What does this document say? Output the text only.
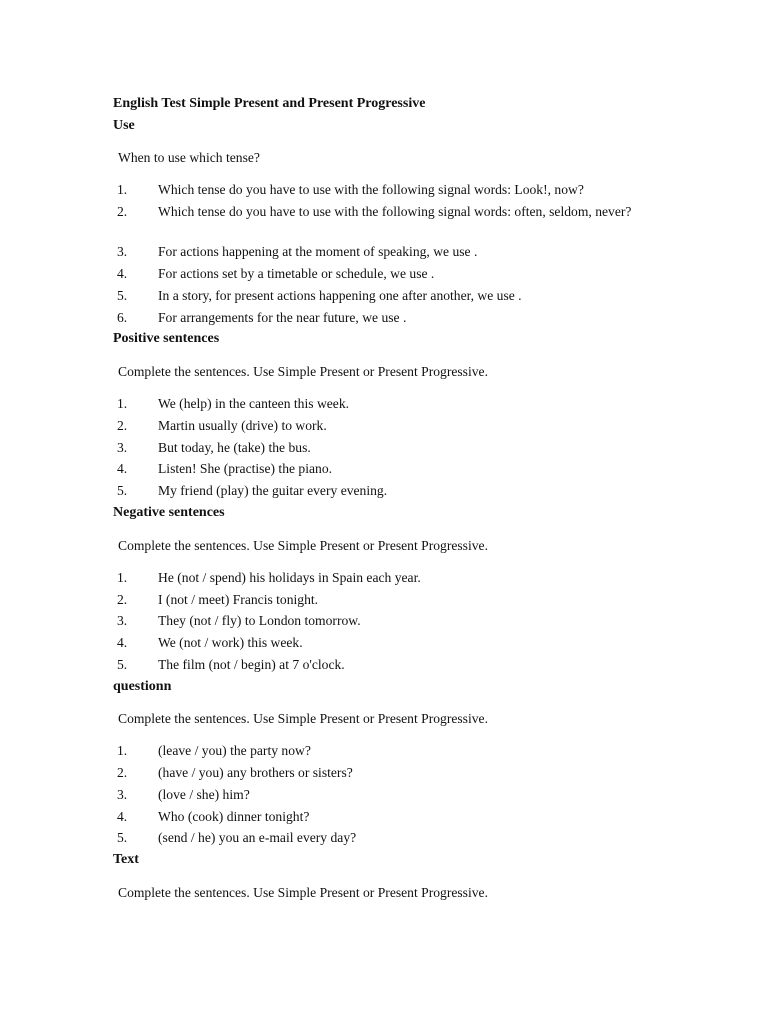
English Test Simple Present and Present Progressive
Use
When to use which tense?
1.	Which tense do you have to use with the following signal words: Look!, now?
2.	Which tense do you have to use with the following signal words: often, seldom, never?
3.	For actions happening at the moment of speaking, we use .
4.	For actions set by a timetable or schedule, we use .
5.	In a story, for present actions happening one after another, we use .
6.	For arrangements for the near future, we use .
Positive sentences
Complete the sentences. Use Simple Present or Present Progressive.
1.	We (help) in the canteen this week.
2.	Martin usually (drive) to work.
3.	But today, he (take) the bus.
4.	Listen! She (practise) the piano.
5.	My friend (play) the guitar every evening.
Negative sentences
Complete the sentences. Use Simple Present or Present Progressive.
1.	He (not / spend) his holidays in Spain each year.
2.	I (not / meet) Francis tonight.
3.	They (not / fly) to London tomorrow.
4.	We (not / work) this week.
5.	The film (not / begin) at 7 o'clock.
questionn
Complete the sentences. Use Simple Present or Present Progressive.
1.	(leave / you) the party now?
2.	(have / you) any brothers or sisters?
3.	(love / she) him?
4.	Who (cook) dinner tonight?
5.	(send / he) you an e-mail every day?
Text
Complete the sentences. Use Simple Present or Present Progressive.
